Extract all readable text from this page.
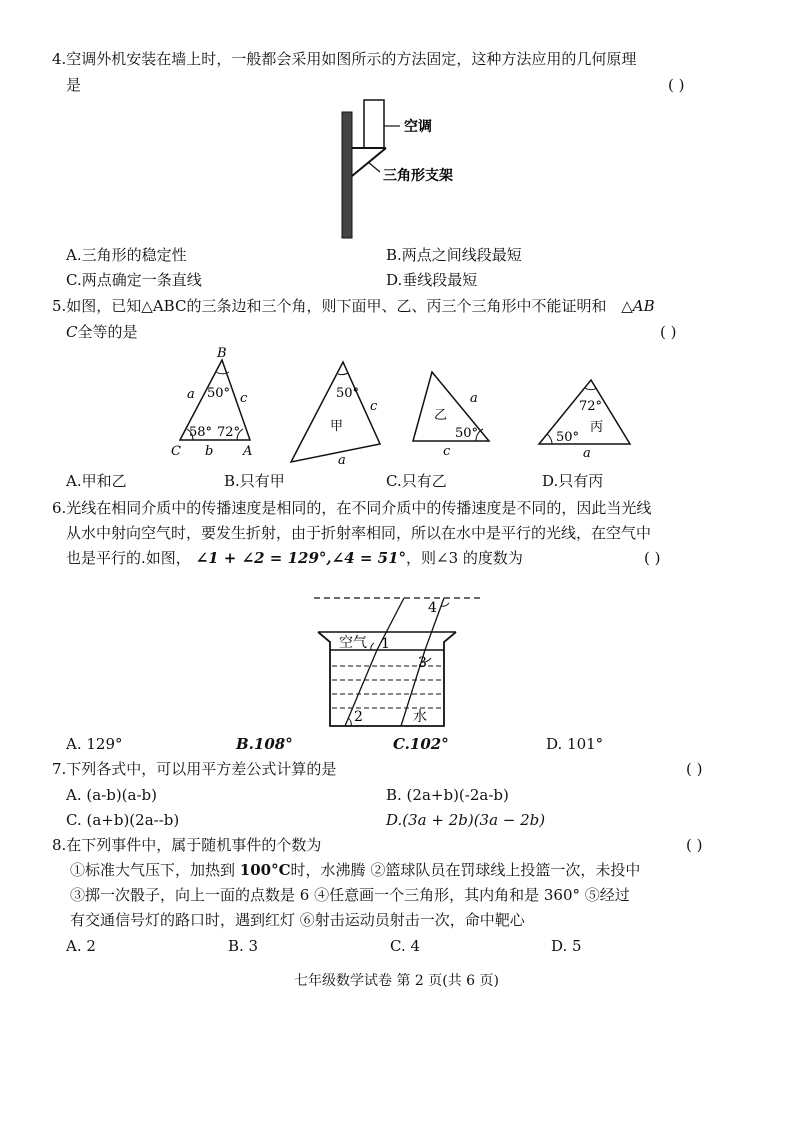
4.空调外机安装在墙上时，一般都会采用如图所示的方法固定，这种方法应用的几何原理
是	( )
空调
三角形支架
A.三角形的稳定性	B.两点之间线段最短
C.两点确定一条直线	D.垂线段最短
5.如图，已知△ABC的三条边和三个角，则下面甲、乙、丙三个三角形中不能证明和 △AB
C全等的是	( )
B
C	A
a	c
b
50°
58° 72°
50°
甲
c
a
乙
a
50°
c
72°
丙
50°
a
A.甲和乙	B.只有甲	C.只有乙	D.只有丙
6.光线在相同介质中的传播速度是相同的，在不同介质中的传播速度是不同的，因此当光线
从水中射向空气时，要发生折射，由于折射率相同，所以在水中是平行的光线，在空气中
也是平行的.如图， ∠1 + ∠2 = 129°,∠4 = 51°，则∠3 的度数为	( )
空气 1
3
4
2	水
A. 129°	B.108°	C.102°	D. 101°
7.下列各式中，可以用平方差公式计算的是	( )
A. (a-b)(a-b)	B. (2a+b)(-2a-b)
C. (a+b)(2a--b)	D.(3a + 2b)(3a − 2b)
8.在下列事件中，属于随机事件的个数为	( )
①标准大气压下，加热到 100°C时，水沸腾 ②篮球队员在罚球线上投篮一次，未投中
③掷一次骰子，向上一面的点数是 6 ④任意画一个三角形，其内角和是 360° ⑤经过
有交通信号灯的路口时，遇到红灯 ⑥射击运动员射击一次，命中靶心
A. 2	B. 3	C. 4	D. 5
七年级数学试卷 第 2 页(共 6 页)
